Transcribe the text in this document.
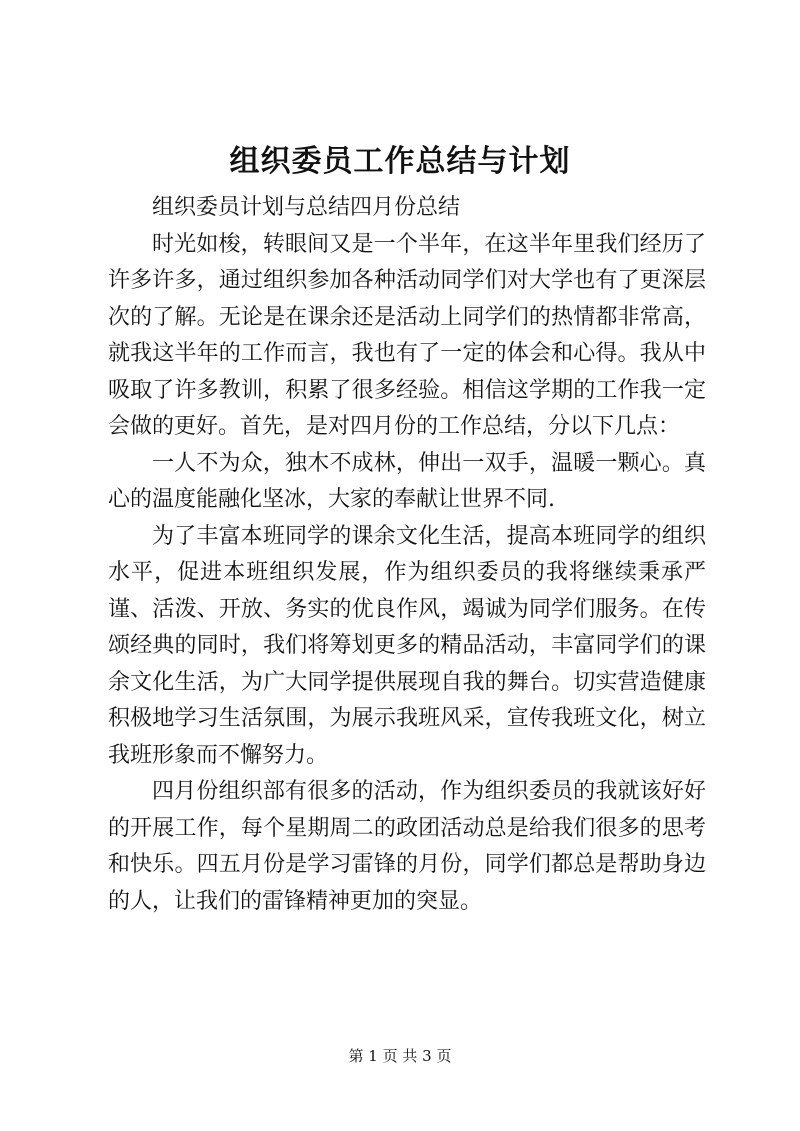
组织委员工作总结与计划

组织委员计划与总结四月份总结

时光如梭，转眼间又是一个半年，在这半年里我们经历了许多许多，通过组织参加各种活动同学们对大学也有了更深层次的了解。无论是在课余还是活动上同学们的热情都非常高，就我这半年的工作而言，我也有了一定的体会和心得。我从中吸取了许多教训，积累了很多经验。相信这学期的工作我一定会做的更好。首先，是对四月份的工作总结，分以下几点：

一人不为众，独木不成林，伸出一双手，温暖一颗心。真心的温度能融化坚冰，大家的奉献让世界不同.

为了丰富本班同学的课余文化生活，提高本班同学的组织水平，促进本班组织发展，作为组织委员的我将继续秉承严谨、活泼、开放、务实的优良作风，竭诚为同学们服务。在传颂经典的同时，我们将筹划更多的精品活动，丰富同学们的课余文化生活，为广大同学提供展现自我的舞台。切实营造健康积极地学习生活氛围，为展示我班风采，宣传我班文化，树立我班形象而不懈努力。

四月份组织部有很多的活动，作为组织委员的我就该好好的开展工作，每个星期周二的政团活动总是给我们很多的思考和快乐。四五月份是学习雷锋的月份，同学们都总是帮助身边的人，让我们的雷锋精神更加的突显。

第 1 页 共 3 页
